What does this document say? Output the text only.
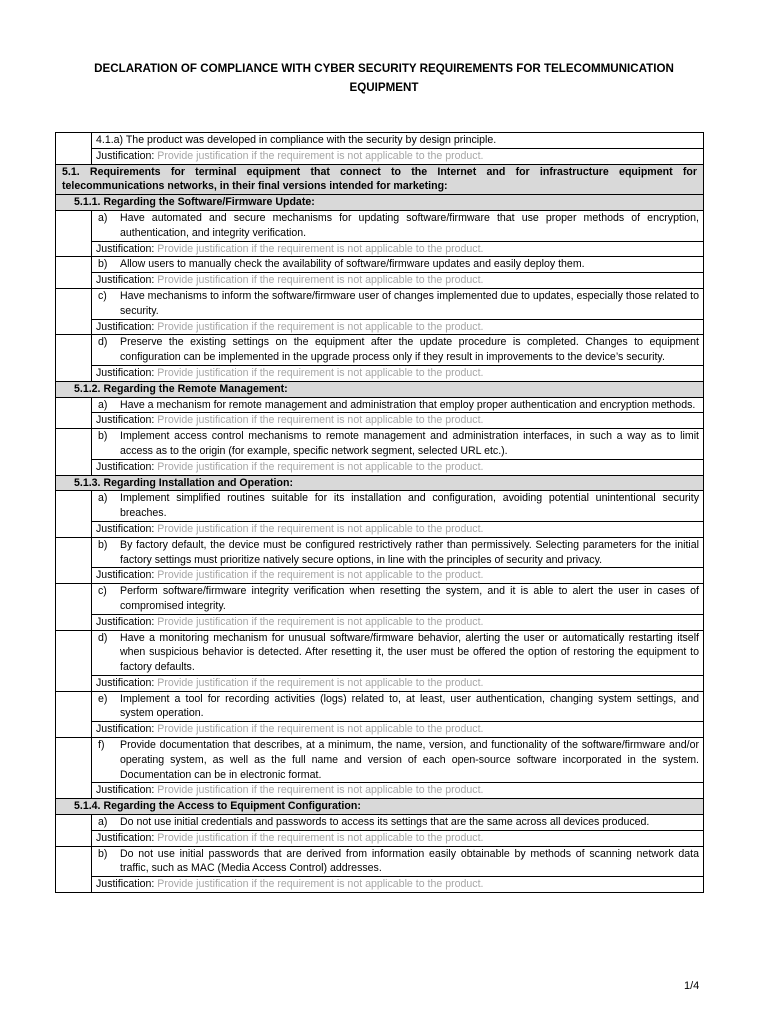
DECLARATION OF COMPLIANCE WITH CYBER SECURITY REQUIREMENTS FOR TELECOMMUNICATION EQUIPMENT
	4.1.a) The product was developed in compliance with the security by design principle.
	Justification: Provide justification if the requirement is not applicable to the product.
5.1. Requirements for terminal equipment that connect to the Internet and for infrastructure equipment for telecommunications networks, in their final versions intended for marketing:	
5.1.1. Regarding the Software/Firmware Update:	

	a) Have automated and secure mechanisms for updating software/firmware that use proper methods of encryption, authentication, and integrity verification.

	Justification: Provide justification if the requirement is not applicable to the product.

	b) Allow users to manually check the availability of software/firmware updates and easily deploy them.

	Justification: Provide justification if the requirement is not applicable to the product.

	c) Have mechanisms to inform the software/firmware user of changes implemented due to updates, especially those related to security.

	Justification: Provide justification if the requirement is not applicable to the product.

	d) Preserve the existing settings on the equipment after the update procedure is completed. Changes to equipment configuration can be implemented in the upgrade process only if they result in improvements to the device’s security.

	Justification: Provide justification if the requirement is not applicable to the product.
5.1.2. Regarding the Remote Management:	

	a) Have a mechanism for remote management and administration that employ proper authentication and encryption methods.

	Justification: Provide justification if the requirement is not applicable to the product.

	b) Implement access control mechanisms to remote management and administration interfaces, in such a way as to limit access as to the origin (for example, specific network segment, selected URL etc.).

	Justification: Provide justification if the requirement is not applicable to the product.
5.1.3. Regarding Installation and Operation:	

	a) Implement simplified routines suitable for its installation and configuration, avoiding potential unintentional security breaches.

	Justification: Provide justification if the requirement is not applicable to the product.

	b) By factory default, the device must be configured restrictively rather than permissively. Selecting parameters for the initial factory settings must prioritize natively secure options, in line with the principles of security and privacy.

	Justification: Provide justification if the requirement is not applicable to the product.

	c) Perform software/firmware integrity verification when resetting the system, and it is able to alert the user in cases of compromised integrity.

	Justification: Provide justification if the requirement is not applicable to the product.

	d) Have a monitoring mechanism for unusual software/firmware behavior, alerting the user or automatically restarting itself when suspicious behavior is detected. After resetting it, the user must be offered the option of restoring the equipment to factory defaults.

	Justification: Provide justification if the requirement is not applicable to the product.

	e) Implement a tool for recording activities (logs) related to, at least, user authentication, changing system settings, and system operation.

	Justification: Provide justification if the requirement is not applicable to the product.

	f) Provide documentation that describes, at a minimum, the name, version, and functionality of the software/firmware and/or operating system, as well as the full name and version of each open-source software incorporated in the system. Documentation can be in electronic format.

	Justification: Provide justification if the requirement is not applicable to the product.
5.1.4. Regarding the Access to Equipment Configuration:	

	a) Do not use initial credentials and passwords to access its settings that are the same across all devices produced.

	Justification: Provide justification if the requirement is not applicable to the product.

	b) Do not use initial passwords that are derived from information easily obtainable by methods of scanning network data traffic, such as MAC (Media Access Control) addresses.

	Justification: Provide justification if the requirement is not applicable to the product.
1/4
